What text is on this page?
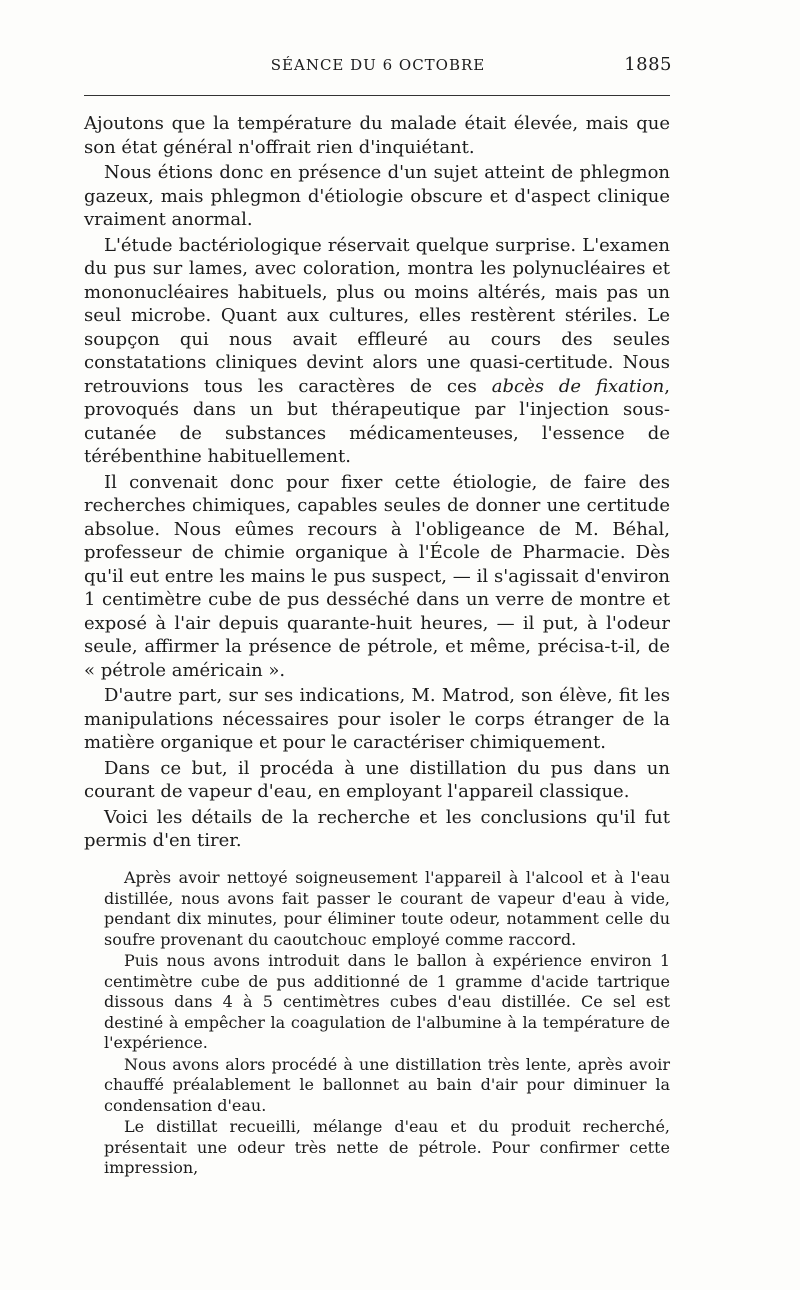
SÉANCE DU 6 OCTOBRE	1885

Ajoutons que la température du malade était élevée, mais que son état général n'offrait rien d'inquiétant.

Nous étions donc en présence d'un sujet atteint de phlegmon gazeux, mais phlegmon d'étiologie obscure et d'aspect clinique vraiment anormal.

L'étude bactériologique réservait quelque surprise. L'examen du pus sur lames, avec coloration, montra les polynucléaires et mononucléaires habituels, plus ou moins altérés, mais pas un seul microbe. Quant aux cultures, elles restèrent stériles. Le soupçon qui nous avait effleuré au cours des seules constatations cliniques devint alors une quasi-certitude. Nous retrouvions tous les caractères de ces abcès de fixation, provoqués dans un but thérapeutique par l'injection sous-cutanée de substances médicamenteuses, l'essence de térébenthine habituellement.

Il convenait donc pour fixer cette étiologie, de faire des recherches chimiques, capables seules de donner une certitude absolue. Nous eûmes recours à l'obligeance de M. Béhal, professeur de chimie organique à l'École de Pharmacie. Dès qu'il eut entre les mains le pus suspect, — il s'agissait d'environ 1 centimètre cube de pus desséché dans un verre de montre et exposé à l'air depuis quarante-huit heures, — il put, à l'odeur seule, affirmer la présence de pétrole, et même, précisa-t-il, de « pétrole américain ».

D'autre part, sur ses indications, M. Matrod, son élève, fit les manipulations nécessaires pour isoler le corps étranger de la matière organique et pour le caractériser chimiquement.

Dans ce but, il procéda à une distillation du pus dans un courant de vapeur d'eau, en employant l'appareil classique.

Voici les détails de la recherche et les conclusions qu'il fut permis d'en tirer.

Après avoir nettoyé soigneusement l'appareil à l'alcool et à l'eau distillée, nous avons fait passer le courant de vapeur d'eau à vide, pendant dix minutes, pour éliminer toute odeur, notamment celle du soufre provenant du caoutchouc employé comme raccord.

Puis nous avons introduit dans le ballon à expérience environ 1 centimètre cube de pus additionné de 1 gramme d'acide tartrique dissous dans 4 à 5 centimètres cubes d'eau distillée. Ce sel est destiné à empêcher la coagulation de l'albumine à la température de l'expérience.

Nous avons alors procédé à une distillation très lente, après avoir chauffé préalablement le ballonnet au bain d'air pour diminuer la condensation d'eau.

Le distillat recueilli, mélange d'eau et du produit recherché, présentait une odeur très nette de pétrole. Pour confirmer cette impression,
